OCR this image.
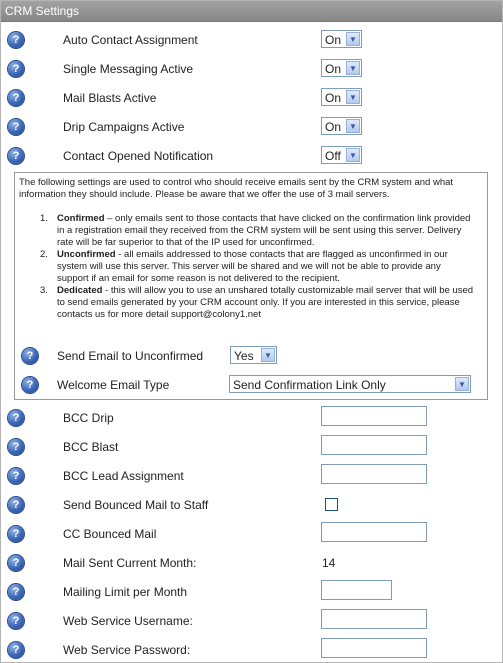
CRM Settings
?	Auto Contact Assignment	On	▼
?	Single Messaging Active	On	▼
?	Mail Blasts Active	On	▼
?	Drip Campaigns Active	On	▼
?	Contact Opened Notification	Off	▼
The following settings are used to control who should receive emails sent by the CRM system and what information they should include. Please be aware that we offer the use of 3 mail servers.
1. Confirmed – only emails sent to those contacts that have clicked on the confirmation link provided in a registration email they received from the CRM system will be sent using this server. Delivery rate will be far superior to that of the IP used for unconfirmed.
2. Unconfirmed - all emails addressed to those contacts that are flagged as unconfirmed in our system will use this server. This server will be shared and we will not be able to provide any support if an email for some reason is not delivered to the recipient.
3. Dedicated - this will allow you to use an unshared totally customizable mail server that will be used to send emails generated by your CRM account only. If you are interested in this service, please contacts us for more detail support@colony1.net
?	Send Email to Unconfirmed	Yes	▼
?	Welcome Email Type	Send Confirmation Link Only	▼
?	BCC Drip
?	BCC Blast
?	BCC Lead Assignment
?	Send Bounced Mail to Staff
?	CC Bounced Mail
?	Mail Sent Current Month:	14
?	Mailing Limit per Month
?	Web Service Username:
?	Web Service Password:
